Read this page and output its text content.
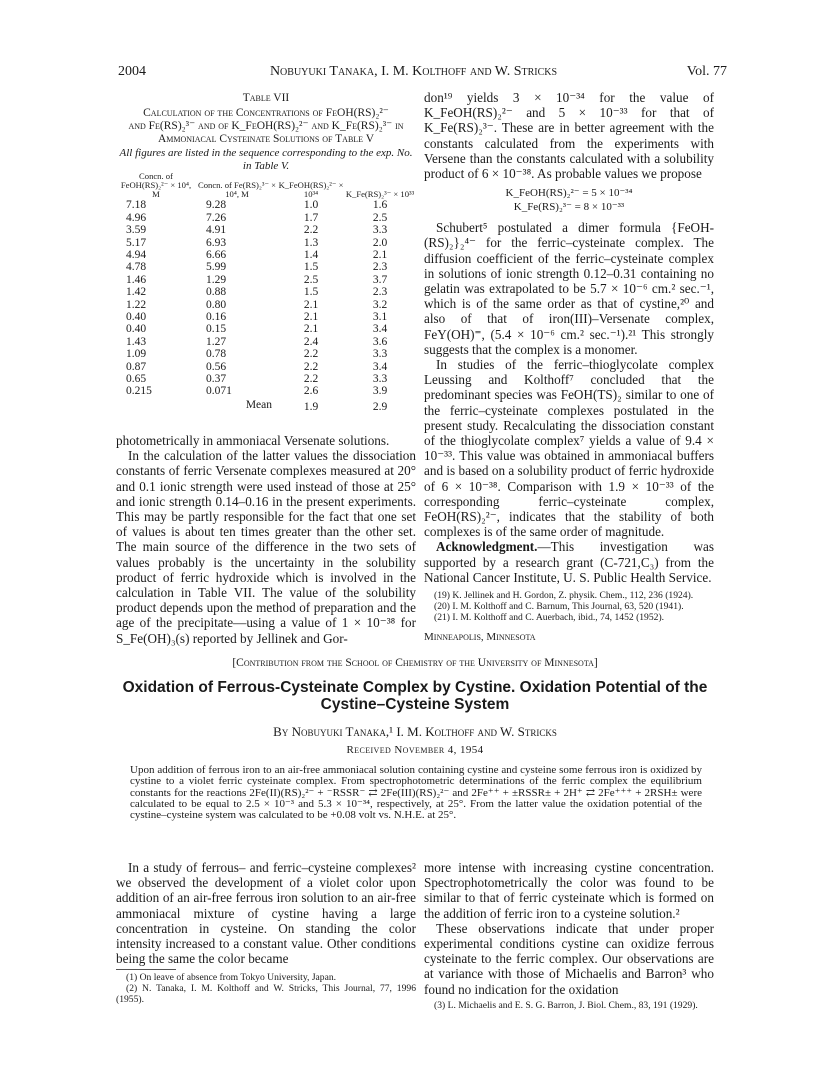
2004	Nobuyuki Tanaka, I. M. Kolthoff and W. Stricks	Vol. 77
Table VII
Calculation of the Concentrations of FeOH(RS)₂²⁻
and Fe(RS)₂³⁻ and of K_FeOH(RS)₂²⁻ and K_Fe(RS)₂³⁻ in
Ammoniacal Cysteinate Solutions of Table V
All figures are listed in the sequence corresponding to the exp. No. in Table V.
Concn. of FeOH(RS)₂²⁻ × 10⁴, M	Concn. of Fe(RS)₂³⁻ × 10⁴, M	K_FeOH(RS)₂²⁻ × 10³⁴	K_Fe(RS)₂³⁻ × 10³³
7.18	9.28	1.0	1.6
4.96	7.26	1.7	2.5
3.59	4.91	2.2	3.3
5.17	6.93	1.3	2.0
4.94	6.66	1.4	2.1
4.78	5.99	1.5	2.3
1.46	1.29	2.5	3.7
1.42	0.88	1.5	2.3
1.22	0.80	2.1	3.2
0.40	0.16	2.1	3.1
0.40	0.15	2.1	3.4
1.43	1.27	2.4	3.6
1.09	0.78	2.2	3.3
0.87	0.56	2.2	3.4
0.65	0.37	2.2	3.3
0.215	0.071	2.6	3.9
	Mean	1.9	2.9

photometrically in ammoniacal Versenate solutions.

In the calculation of the latter values the dissociation constants of ferric Versenate complexes measured at 20° and 0.1 ionic strength were used instead of those at 25° and ionic strength 0.14–0.16 in the present experiments. This may be partly responsible for the fact that one set of values is about ten times greater than the other set. The main source of the difference in the two sets of values probably is the uncertainty in the solubility product of ferric hydroxide which is involved in the calculation in Table VII. The value of the solubility product depends upon the method of preparation and the age of the precipitate—using a value of 1 × 10⁻³⁸ for S_Fe(OH)₃(s) reported by Jellinek and Gor-

don¹⁹ yields 3 × 10⁻³⁴ for the value of K_FeOH(RS)₂²⁻ and 5 × 10⁻³³ for that of K_Fe(RS)₂³⁻. These are in better agreement with the constants calculated from the experiments with Versene than the constants calculated with a solubility product of 6 × 10⁻³⁸. As probable values we propose

K_FeOH(RS)₂²⁻ = 5 × 10⁻³⁴
K_Fe(RS)₂³⁻ = 8 × 10⁻³³

Schubert⁵ postulated a dimer formula {FeOH-(RS)₂}₂⁴⁻ for the ferric–cysteinate complex. The diffusion coefficient of the ferric–cysteinate complex in solutions of ionic strength 0.12–0.31 containing no gelatin was extrapolated to be 5.7 × 10⁻⁶ cm.² sec.⁻¹, which is of the same order as that of cystine,²⁰ and also of that of iron(III)–Versenate complex, FeY(OH)⁼, (5.4 × 10⁻⁶ cm.² sec.⁻¹).²¹ This strongly suggests that the complex is a monomer.

In studies of the ferric–thioglycolate complex Leussing and Kolthoff⁷ concluded that the predominant species was FeOH(TS)₂ similar to one of the ferric–cysteinate complexes postulated in the present study. Recalculating the dissociation constant of the thioglycolate complex⁷ yields a value of 9.4 × 10⁻³³. This value was obtained in ammoniacal buffers and is based on a solubility product of ferric hydroxide of 6 × 10⁻³⁸. Comparison with 1.9 × 10⁻³³ of the corresponding ferric–cysteinate complex, FeOH(RS)₂²⁻, indicates that the stability of both complexes is of the same order of magnitude.

Acknowledgment.—This investigation was supported by a research grant (C-721,C₃) from the National Cancer Institute, U. S. Public Health Service.

(19) K. Jellinek and H. Gordon, Z. physik. Chem., 112, 236 (1924).

(20) I. M. Kolthoff and C. Barnum, This Journal, 63, 520 (1941).

(21) I. M. Kolthoff and C. Auerbach, ibid., 74, 1452 (1952).

Minneapolis, Minnesota
[Contribution from the School of Chemistry of the University of Minnesota]
Oxidation of Ferrous-Cysteinate Complex by Cystine. Oxidation Potential of the
Cystine–Cysteine System
By Nobuyuki Tanaka,¹ I. M. Kolthoff and W. Stricks
Received November 4, 1954
Upon addition of ferrous iron to an air-free ammoniacal solution containing cystine and cysteine some ferrous iron is oxidized by cystine to a violet ferric cysteinate complex. From spectrophotometric determinations of the ferric complex the equilibrium constants for the reactions 2Fe(II)(RS)₂²⁻ + ⁻RSSR⁻ ⇄ 2Fe(III)(RS)₂²⁻ and 2Fe⁺⁺ + ±RSSR± + 2H⁺ ⇄ 2Fe⁺⁺⁺ + 2RSH± were calculated to be equal to 2.5 × 10⁻³ and 5.3 × 10⁻³⁴, respectively, at 25°. From the latter value the oxidation potential of the cystine–cysteine system was calculated to be +0.08 volt vs. N.H.E. at 25°.

In a study of ferrous– and ferric–cysteine complexes² we observed the development of a violet color upon addition of an air-free ferrous iron solution to an air-free ammoniacal mixture of cystine having a large concentration in cysteine. On standing the color intensity increased to a constant value. Other conditions being the same the color became

(1) On leave of absence from Tokyo University, Japan.

(2) N. Tanaka, I. M. Kolthoff and W. Stricks, This Journal, 77, 1996 (1955).

more intense with increasing cystine concentration. Spectrophotometrically the color was found to be similar to that of ferric cysteinate which is formed on the addition of ferric iron to a cysteine solution.²

These observations indicate that under proper experimental conditions cystine can oxidize ferrous cysteinate to the ferric complex. Our observations are at variance with those of Michaelis and Barron³ who found no indication for the oxidation

(3) L. Michaelis and E. S. G. Barron, J. Biol. Chem., 83, 191 (1929).
